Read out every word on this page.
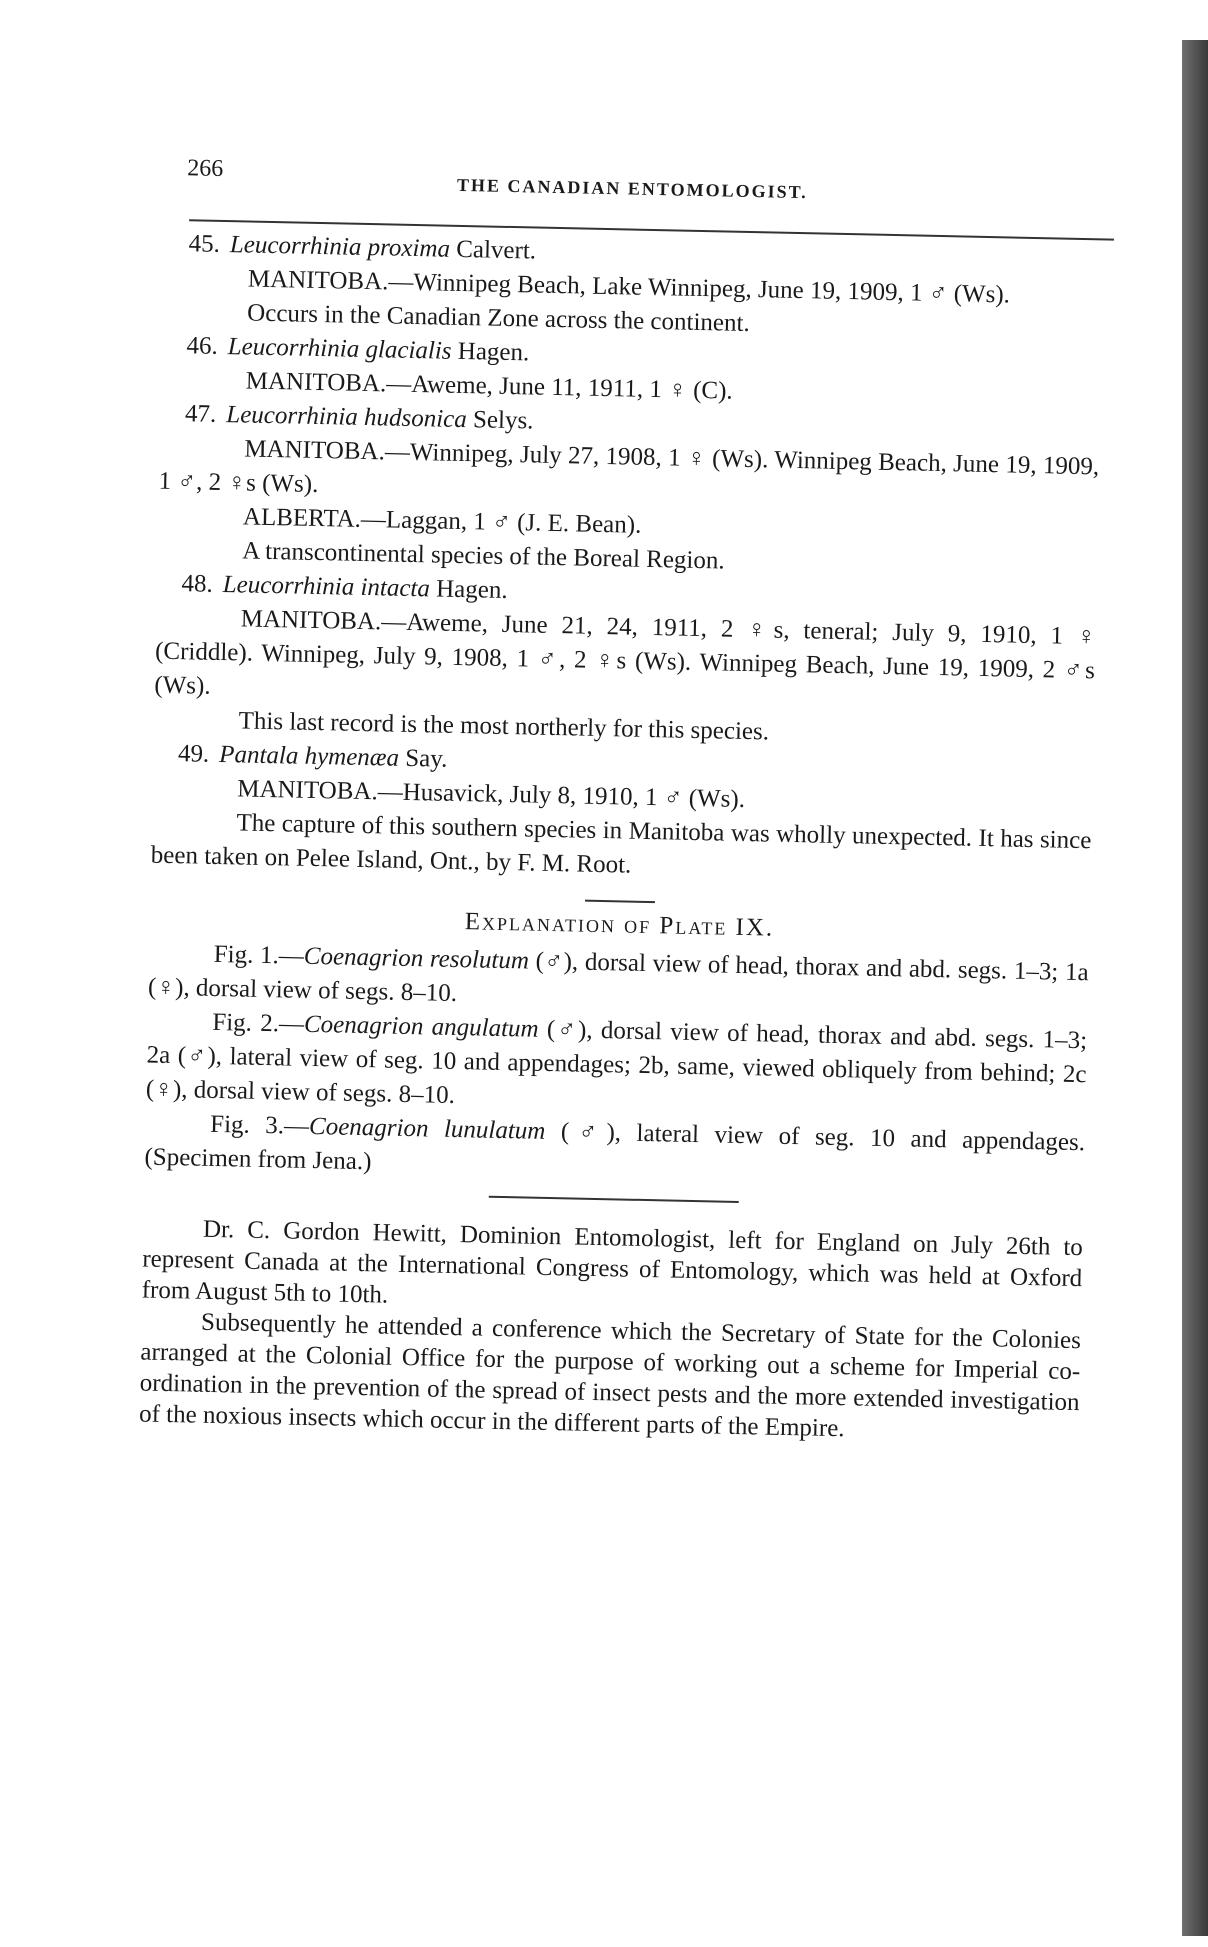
266
THE CANADIAN ENTOMOLOGIST.
45. Leucorrhinia proxima Calvert.

MANITOBA.—Winnipeg Beach, Lake Winnipeg, June 19, 1909, 1 ♂ (Ws).

Occurs in the Canadian Zone across the continent.

46. Leucorrhinia glacialis Hagen.

MANITOBA.—Aweme, June 11, 1911, 1 ♀ (C).

47. Leucorrhinia hudsonica Selys.

MANITOBA.—Winnipeg, July 27, 1908, 1 ♀ (Ws). Winnipeg Beach, June 19, 1909, 1 ♂, 2 ♀s (Ws).

ALBERTA.—Laggan, 1 ♂ (J. E. Bean).

A transcontinental species of the Boreal Region.

48. Leucorrhinia intacta Hagen.

MANITOBA.—Aweme, June 21, 24, 1911, 2 ♀s, teneral; July 9, 1910, 1 ♀ (Criddle). Winnipeg, July 9, 1908, 1 ♂, 2 ♀s (Ws). Winnipeg Beach, June 19, 1909, 2 ♂s (Ws).

This last record is the most northerly for this species.

49. Pantala hymenæa Say.

MANITOBA.—Husavick, July 8, 1910, 1 ♂ (Ws).

The capture of this southern species in Manitoba was wholly unexpected. It has since been taken on Pelee Island, Ont., by F. M. Root.

Explanation of Plate IX.

Fig. 1.—Coenagrion resolutum (♂), dorsal view of head, thorax and abd. segs. 1–3; 1a (♀), dorsal view of segs. 8–10.

Fig. 2.—Coenagrion angulatum (♂), dorsal view of head, thorax and abd. segs. 1–3; 2a (♂), lateral view of seg. 10 and appendages; 2b, same, viewed obliquely from behind; 2c (♀), dorsal view of segs. 8–10.

Fig. 3.—Coenagrion lunulatum (♂), lateral view of seg. 10 and appendages. (Specimen from Jena.)

Dr. C. Gordon Hewitt, Dominion Entomologist, left for England on July 26th to represent Canada at the International Congress of Entomology, which was held at Oxford from August 5th to 10th.

Subsequently he attended a conference which the Secretary of State for the Colonies arranged at the Colonial Office for the purpose of working out a scheme for Imperial co-ordination in the prevention of the spread of insect pests and the more extended investigation of the noxious insects which occur in the different parts of the Empire.
